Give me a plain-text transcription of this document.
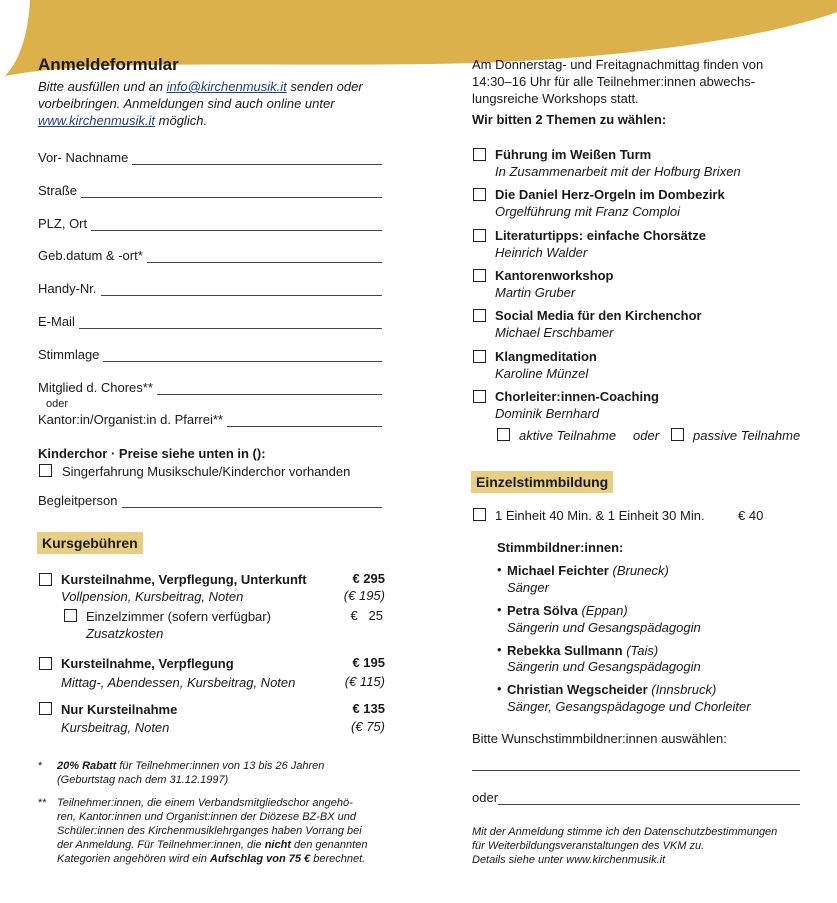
Anmeldeformular
Bitte ausfüllen und an info@kirchenmusik.it senden oder
vorbeibringen. Anmeldungen sind auch online unter
www.kirchenmusik.it möglich.
Vor- Nachname
Straße
PLZ, Ort
Geb.datum & -ort*
Handy-Nr.
E-Mail
Stimmlage
Mitglied d. Chores**
oder
Kantor:in/Organist:in d. Pfarrei**
Kinderchor · Preise siehe unten in ():
Singerfahrung Musikschule/Kinderchor vorhanden
Begleitperson
Kursgebühren
Kursteilnahme, Verpflegung, Unterkunft
Vollpension, Kursbeitrag, Noten
€ 295
(€ 195)
Einzelzimmer (sofern verfügbar)
Zusatzkosten
€   25
Kursteilnahme, Verpflegung
Mittag-, Abendessen, Kursbeitrag, Noten
€ 195
(€ 115)
Nur Kursteilnahme
Kursbeitrag, Noten
€ 135
(€ 75)
* 20% Rabatt für Teilnehmer:innen von 13 bis 26 Jahren
(Geburtstag nach dem 31.12.1997)
** Teilnehmer:innen, die einem Verbandsmitgliedschor angehö-
ren, Kantor:innen und Organist:innen der Diözese BZ-BX und
Schüler:innen des Kirchenmusiklehrganges haben Vorrang bei
der Anmeldung. Für Teilnehmer:innen, die nicht den genannten
Kategorien angehören wird ein Aufschlag von 75 € berechnet.
Am Donnerstag- und Freitagnachmittag finden von
14:30–16 Uhr für alle Teilnehmer:innen abwechs-
lungsreiche Workshops statt.
Wir bitten 2 Themen zu wählen:
Führung im Weißen Turm
In Zusammenarbeit mit der Hofburg Brixen
Die Daniel Herz-Orgeln im Dombezirk
Orgelführung mit Franz Comploi
Literaturtipps: einfache Chorsätze
Heinrich Walder
Kantorenworkshop
Martin Gruber
Social Media für den Kirchenchor
Michael Erschbamer
Klangmeditation
Karoline Münzel
Chorleiter:innen-Coaching
Dominik Bernhard
aktive Teilnahme oder	passive Teilnahme
Einzelstimmbildung
1 Einheit 40 Min. & 1 Einheit 30 Min.	€ 40
Stimmbildner:innen:
• Michael Feichter (Bruneck)
Sänger
• Petra Sölva (Eppan)
Sängerin und Gesangspädagogin
• Rebekka Sullmann (Tais)
Sängerin und Gesangspädagogin
• Christian Wegscheider (Innsbruck)
Sänger, Gesangspädagoge und Chorleiter
Bitte Wunschstimmbildner:innen auswählen:
oder
Mit der Anmeldung stimme ich den Datenschutzbestimmungen
für Weiterbildungsveranstaltungen des VKM zu.
Details siehe unter www.kirchenmusik.it
